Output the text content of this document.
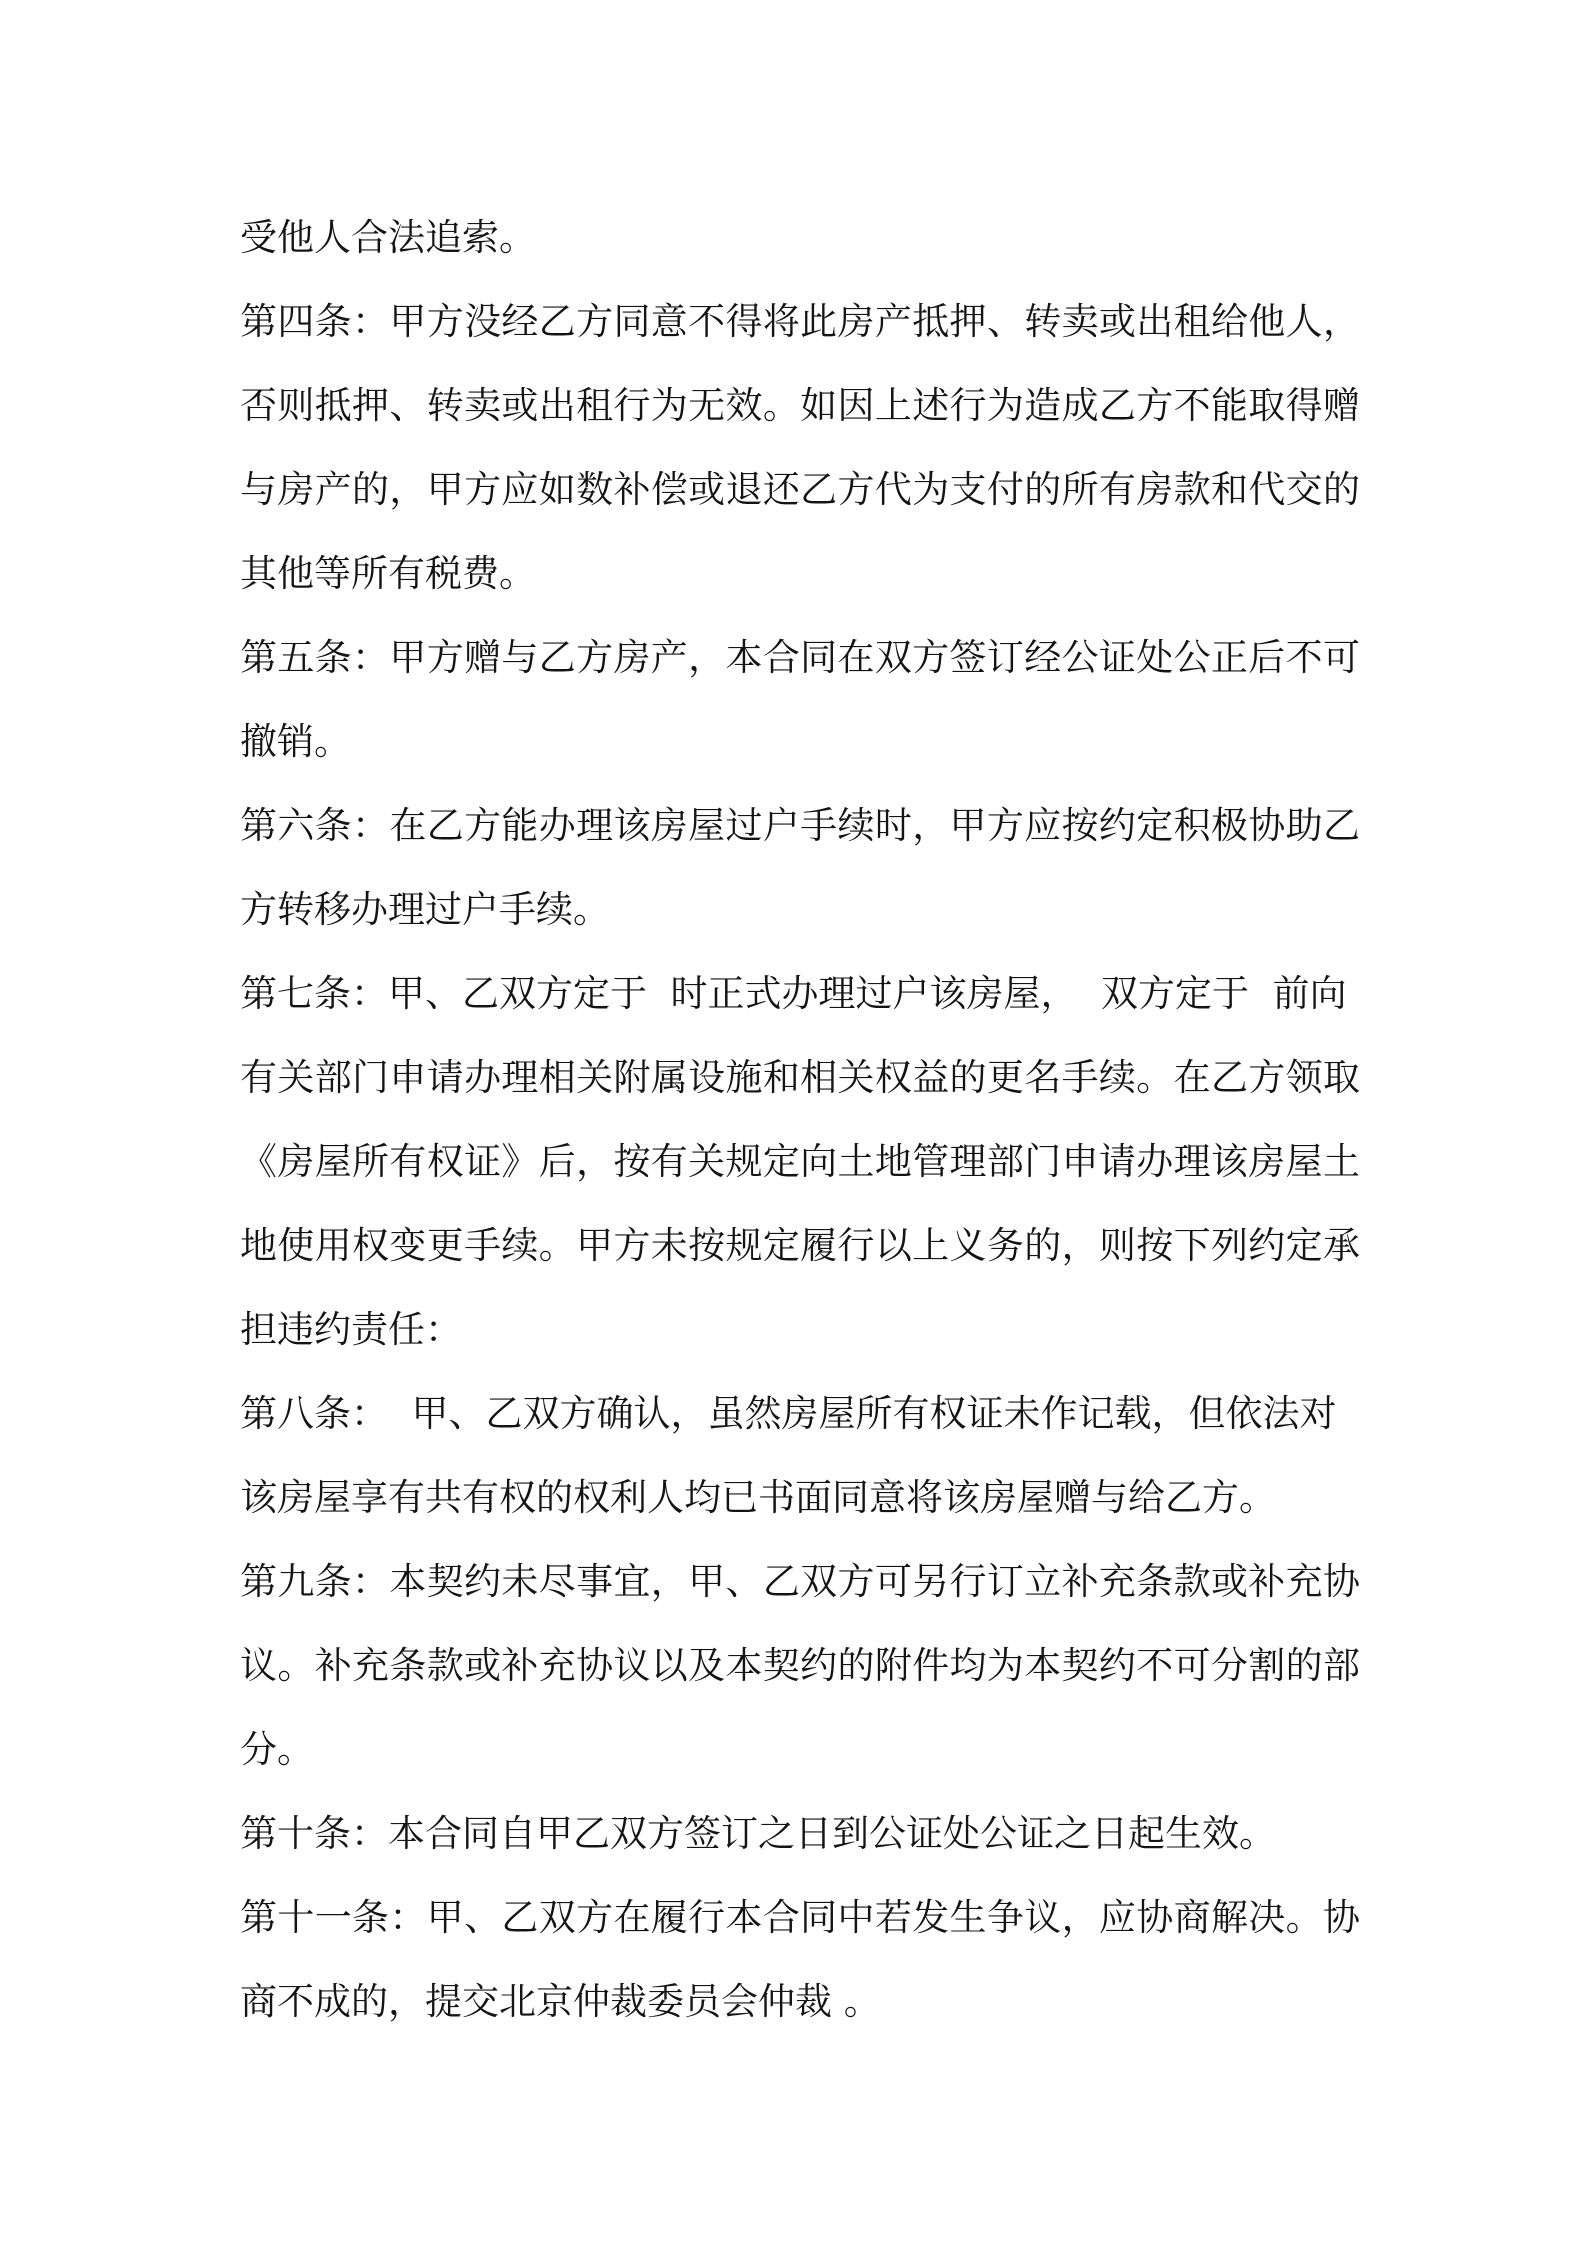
受他人合法追索。
第四条：甲方没经乙方同意不得将此房产抵押、转卖或出租给他人，
否则抵押、转卖或出租行为无效。如因上述行为造成乙方不能取得赠
与房产的，甲方应如数补偿或退还乙方代为支付的所有房款和代交的
其他等所有税费。
第五条：甲方赠与乙方房产，本合同在双方签订经公证处公正后不可
撤销。
第六条：在乙方能办理该房屋过户手续时，甲方应按约定积极协助乙
方转移办理过户手续。
第七条：甲、乙双方定于  时正式办理过户该房屋，  双方定于  前向
有关部门申请办理相关附属设施和相关权益的更名手续。在乙方领取
《房屋所有权证》后，按有关规定向土地管理部门申请办理该房屋土
地使用权变更手续。甲方未按规定履行以上义务的，则按下列约定承
担违约责任：
第八条：  甲、乙双方确认，虽然房屋所有权证未作记载，但依法对
该房屋享有共有权的权利人均已书面同意将该房屋赠与给乙方。
第九条：本契约未尽事宜，甲、乙双方可另行订立补充条款或补充协
议。补充条款或补充协议以及本契约的附件均为本契约不可分割的部
分。
第十条：本合同自甲乙双方签订之日到公证处公证之日起生效。
第十一条：甲、乙双方在履行本合同中若发生争议，应协商解决。协
商不成的，提交北京仲裁委员会仲裁 。
